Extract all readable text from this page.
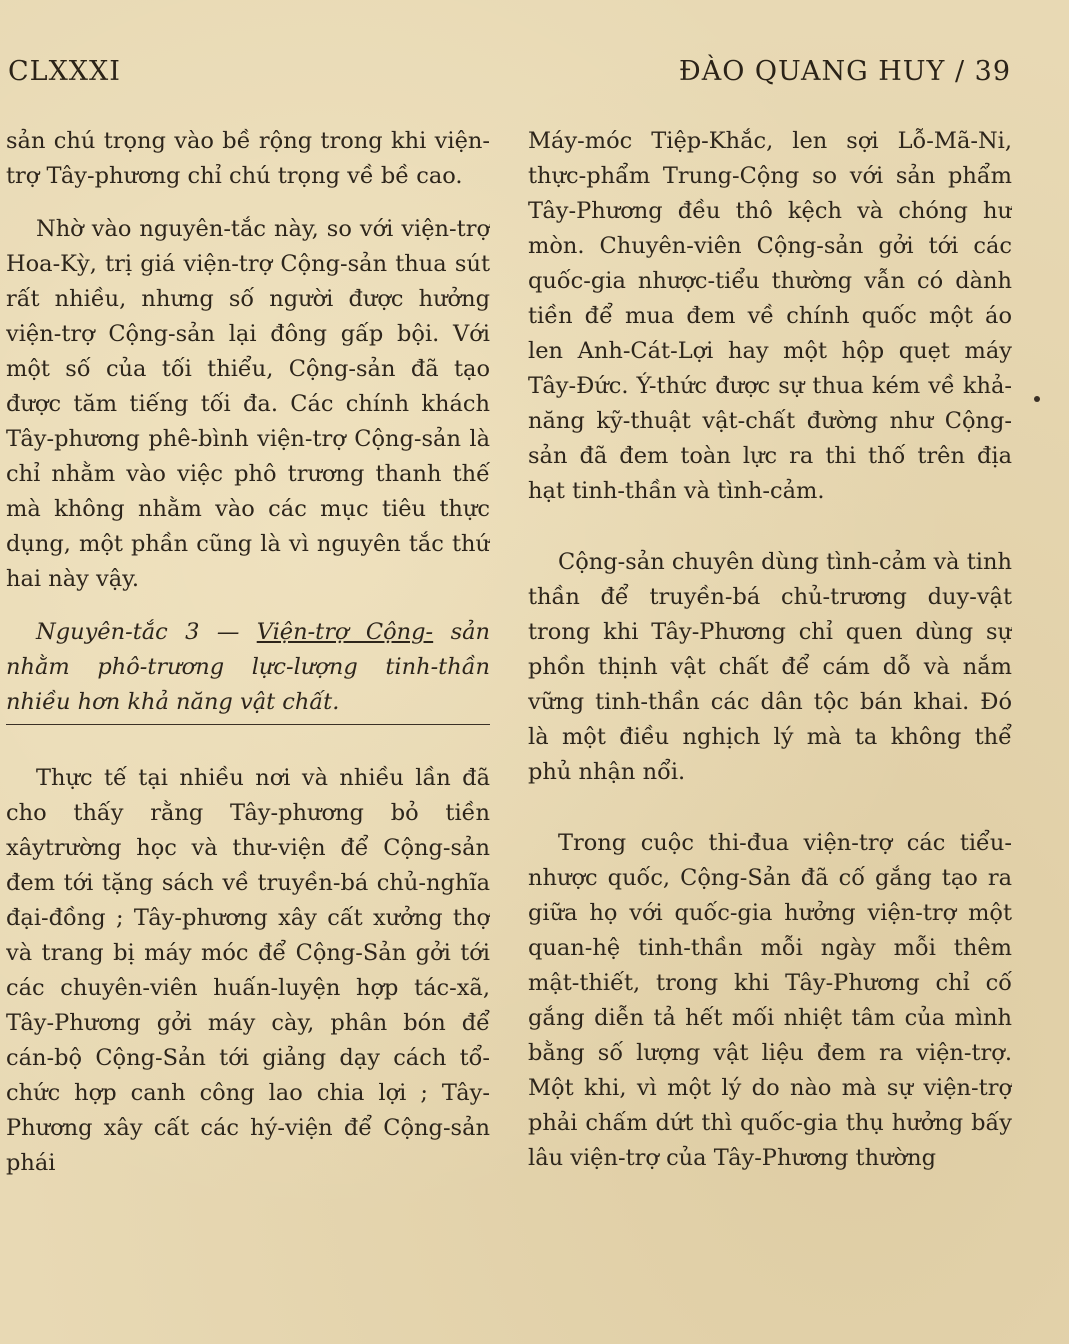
CLXXXI	ĐÀO QUANG HUY / 39

sản chú trọng vào bề rộng trong khi viện-trợ Tây-phương chỉ chú trọng về bề cao.

Nhờ vào nguyên-tắc này, so với viện-trợ Hoa-Kỳ, trị giá viện-trợ Cộng-sản thua sút rất nhiều, nhưng số người được hưởng viện-trợ Cộng-sản lại đông gấp bội. Với một số của tối thiểu, Cộng-sản đã tạo được tăm tiếng tối đa. Các chính khách Tây-phương phê-bình viện-trợ Cộng-sản là chỉ nhằm vào việc phô trương thanh thế mà không nhằm vào các mục tiêu thực dụng, một phần cũng là vì nguyên tắc thứ hai này vậy.

Nguyên-tắc 3 — Viện-trợ Cộng- sản nhằm phô-trương lực-lượng tinh-thần nhiều hơn khả năng vật chất.

Thực tế tại nhiều nơi và nhiều lần đã cho thấy rằng Tây-phương bỏ tiền xâytrường học và thư-viện để Cộng-sản đem tới tặng sách về truyền-bá chủ-nghĩa đại-đồng ; Tây-phương xây cất xưởng thợ và trang bị máy móc để Cộng-Sản gởi tới các chuyên-viên huấn-luyện hợp tác-xã, Tây-Phương gởi máy cày, phân bón để cán-bộ Cộng-Sản tới giảng dạy cách tổ-chức hợp canh công lao chia lợi ; Tây-Phương xây cất các hý-viện để Cộng-sản phái

Máy-móc Tiệp-Khắc, len sợi Lỗ-Mã-Ni, thực-phẩm Trung-Cộng so với sản phẩm Tây-Phương đều thô kệch và chóng hư mòn. Chuyên-viên Cộng-sản gởi tới các quốc-gia nhược-tiểu thường vẫn có dành tiền để mua đem về chính quốc một áo len Anh-Cát-Lợi hay một hộp quẹt máy Tây-Đức. Ý-thức được sự thua kém về khả-năng kỹ-thuật vật-chất đường như Cộng-sản đã đem toàn lực ra thi thố trên địa hạt tinh-thần và tình-cảm.

Cộng-sản chuyên dùng tình-cảm và tinh thần để truyền-bá chủ-trương duy-vật trong khi Tây-Phương chỉ quen dùng sự phồn thịnh vật chất để cám dỗ và nắm vững tinh-thần các dân tộc bán khai. Đó là một điều nghịch lý mà ta không thể phủ nhận nổi.

Trong cuộc thi-đua viện-trợ các tiểu-nhược quốc, Cộng-Sản đã cố gắng tạo ra giữa họ với quốc-gia hưởng viện-trợ một quan-hệ tinh-thần mỗi ngày mỗi thêm mật-thiết, trong khi Tây-Phương chỉ cố gắng diễn tả hết mối nhiệt tâm của mình bằng số lượng vật liệu đem ra viện-trợ. Một khi, vì một lý do nào mà sự viện-trợ phải chấm dứt thì quốc-gia thụ hưởng bấy lâu viện-trợ của Tây-Phương thường
